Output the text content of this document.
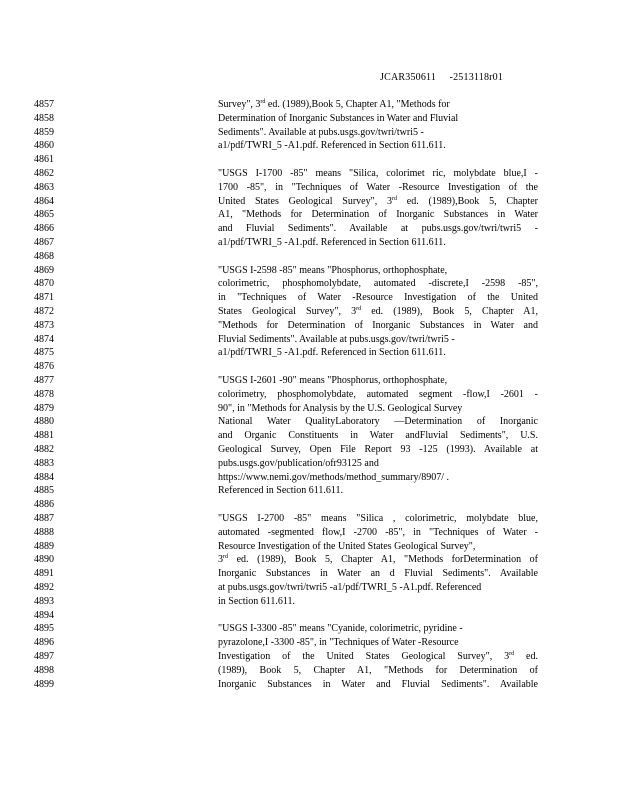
JCAR350611     -2513118r01
4857	Survey", 3rd ed. (1989),Book 5, Chapter A1, "Methods for
4858	Determination of Inorganic Substances in Water and Fluvial
4859	Sediments". Available at pubs.usgs.gov/twri/twri5 -
4860	a1/pdf/TWRI_5 -A1.pdf. Referenced in Section 611.611.
4861
4862	"USGS I-1700 -85" means "Silica, colorimet ric, molybdate blue,I -
4863	1700 -85", in "Techniques of Water -Resource Investigation of the
4864	United States Geological Survey", 3rd ed. (1989),Book 5, Chapter
4865	A1, "Methods for Determination of Inorganic Substances in Water
4866	and Fluvial Sediments". Available at pubs.usgs.gov/twri/twri5 -
4867	a1/pdf/TWRI_5 -A1.pdf. Referenced in Section 611.611.
4868
4869	"USGS I-2598 -85" means "Phosphorus, orthophosphate,
4870	colorimetric, phosphomolybdate, automated -discrete,I -2598 -85",
4871	in "Techniques of Water -Resource Investigation of the United
4872	States Geological Survey", 3rd ed. (1989), Book 5, Chapter A1,
4873	"Methods for Determination of Inorganic Substances in Water and
4874	Fluvial Sediments". Available at pubs.usgs.gov/twri/twri5 -
4875	a1/pdf/TWRI_5 -A1.pdf. Referenced in Section 611.611.
4876
4877	"USGS I-2601 -90" means "Phosphorus, orthophosphate,
4878	colorimetry, phosphomolybdate, automated segment -flow,I -2601 -
4879	90", in "Methods for Analysis by the U.S. Geological Survey
4880	National Water QualityLaboratory —Determination of Inorganic
4881	and Organic Constituents in Water andFluvial Sediments", U.S.
4882	Geological Survey, Open File Report 93 -125 (1993). Available at
4883	pubs.usgs.gov/publication/ofr93125 and
4884	https://www.nemi.gov/methods/method_summary/8907/ .
4885	Referenced in Section 611.611.
4886
4887	"USGS I-2700 -85" means "Silica , colorimetric, molybdate blue,
4888	automated -segmented flow,I -2700 -85", in "Techniques of Water -
4889	Resource Investigation of the United States Geological Survey",
4890	3rd ed. (1989), Book 5, Chapter A1, "Methods forDetermination of
4891	Inorganic Substances in Water an d Fluvial Sediments". Available
4892	at pubs.usgs.gov/twri/twri5 -a1/pdf/TWRI_5 -A1.pdf. Referenced
4893	in Section 611.611.
4894
4895	"USGS I-3300 -85" means "Cyanide, colorimetric, pyridine -
4896	pyrazolone,I -3300 -85", in "Techniques of Water -Resource
4897	Investigation of the United States Geological Survey", 3rd ed.
4898	(1989), Book 5, Chapter A1, "Methods for Determination of
4899	Inorganic Substances in Water and Fluvial Sediments". Available
